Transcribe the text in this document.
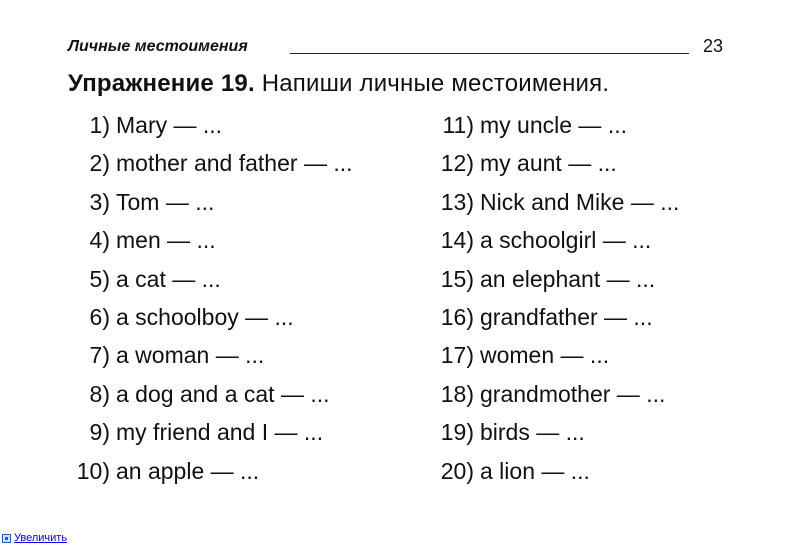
Личные местоимения	23
Упражнение 19. Напиши личные местоимения.
1) Mary — ...
2) mother and father — ...
3) Tom — ...
4) men — ...
5) a cat — ...
6) a schoolboy — ...
7) a woman — ...
8) a dog and a cat — ...
9) my friend and I — ...
10) an apple — ...
11) my uncle — ...
12) my aunt — ...
13) Nick and Mike — ...
14) a schoolgirl — ...
15) an elephant — ...
16) grandfather — ...
17) women — ...
18) grandmother — ...
19) birds — ...
20) a lion — ...
Увеличить
